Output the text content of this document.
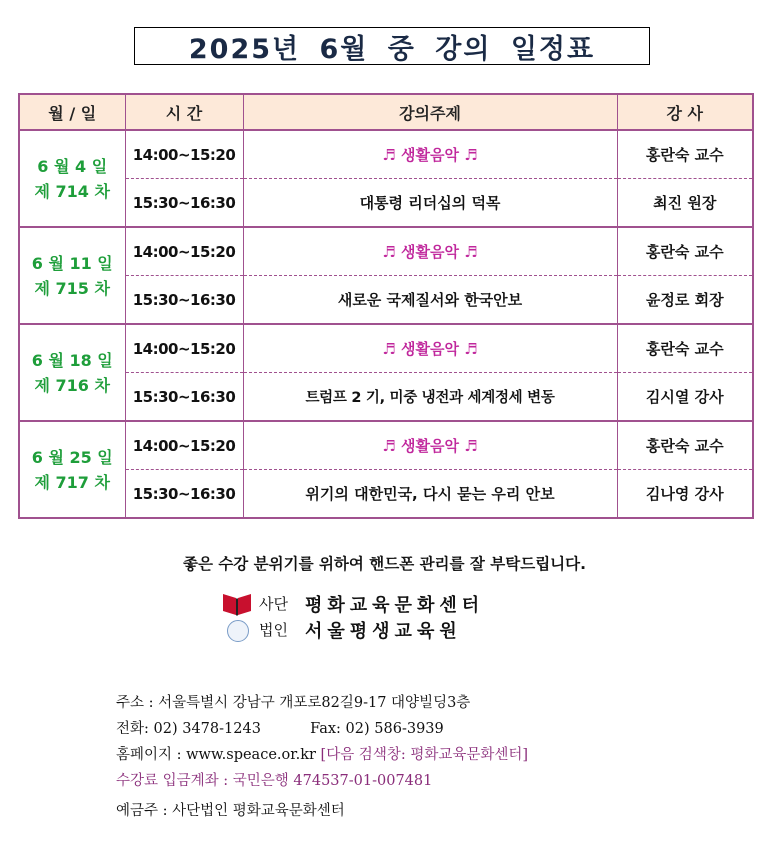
2025년 6월 중 강의 일정표
월 / 일	시 간	강의주제	강 사

6 월 4 일
제 714 차	14:00~15:20	♬ 생활음악 ♬	홍란숙 교수
	15:30~16:30	대통령 리더십의 덕목	최진 원장

6 월 11 일
제 715 차	14:00~15:20	♬ 생활음악 ♬	홍란숙 교수
	15:30~16:30	새로운 국제질서와 한국안보	윤정로 회장

6 월 18 일
제 716 차	14:00~15:20	♬ 생활음악 ♬	홍란숙 교수
	15:30~16:30	트럼프 2 기, 미중 냉전과 세계정세 변동	김시열 강사

6 월 25 일
제 717 차	14:00~15:20	♬ 생활음악 ♬	홍란숙 교수
	15:30~16:30	위기의 대한민국, 다시 묻는 우리 안보	김나영 강사
좋은 수강 분위기를 위하여 핸드폰 관리를 잘 부탁드립니다.
사단
법인
평화교육문화센터
서울평생교육원
주소 : 서울특별시 강남구 개포로82길9-17 대양빌딩3층
전화: 02) 3478-1243	Fax: 02) 586-3939
홈페이지 : www.speace.or.kr [다음 검색창: 평화교육문화센터]
수강료 입금계좌 : 국민은행 474537-01-007481
예금주 : 사단법인 평화교육문화센터
